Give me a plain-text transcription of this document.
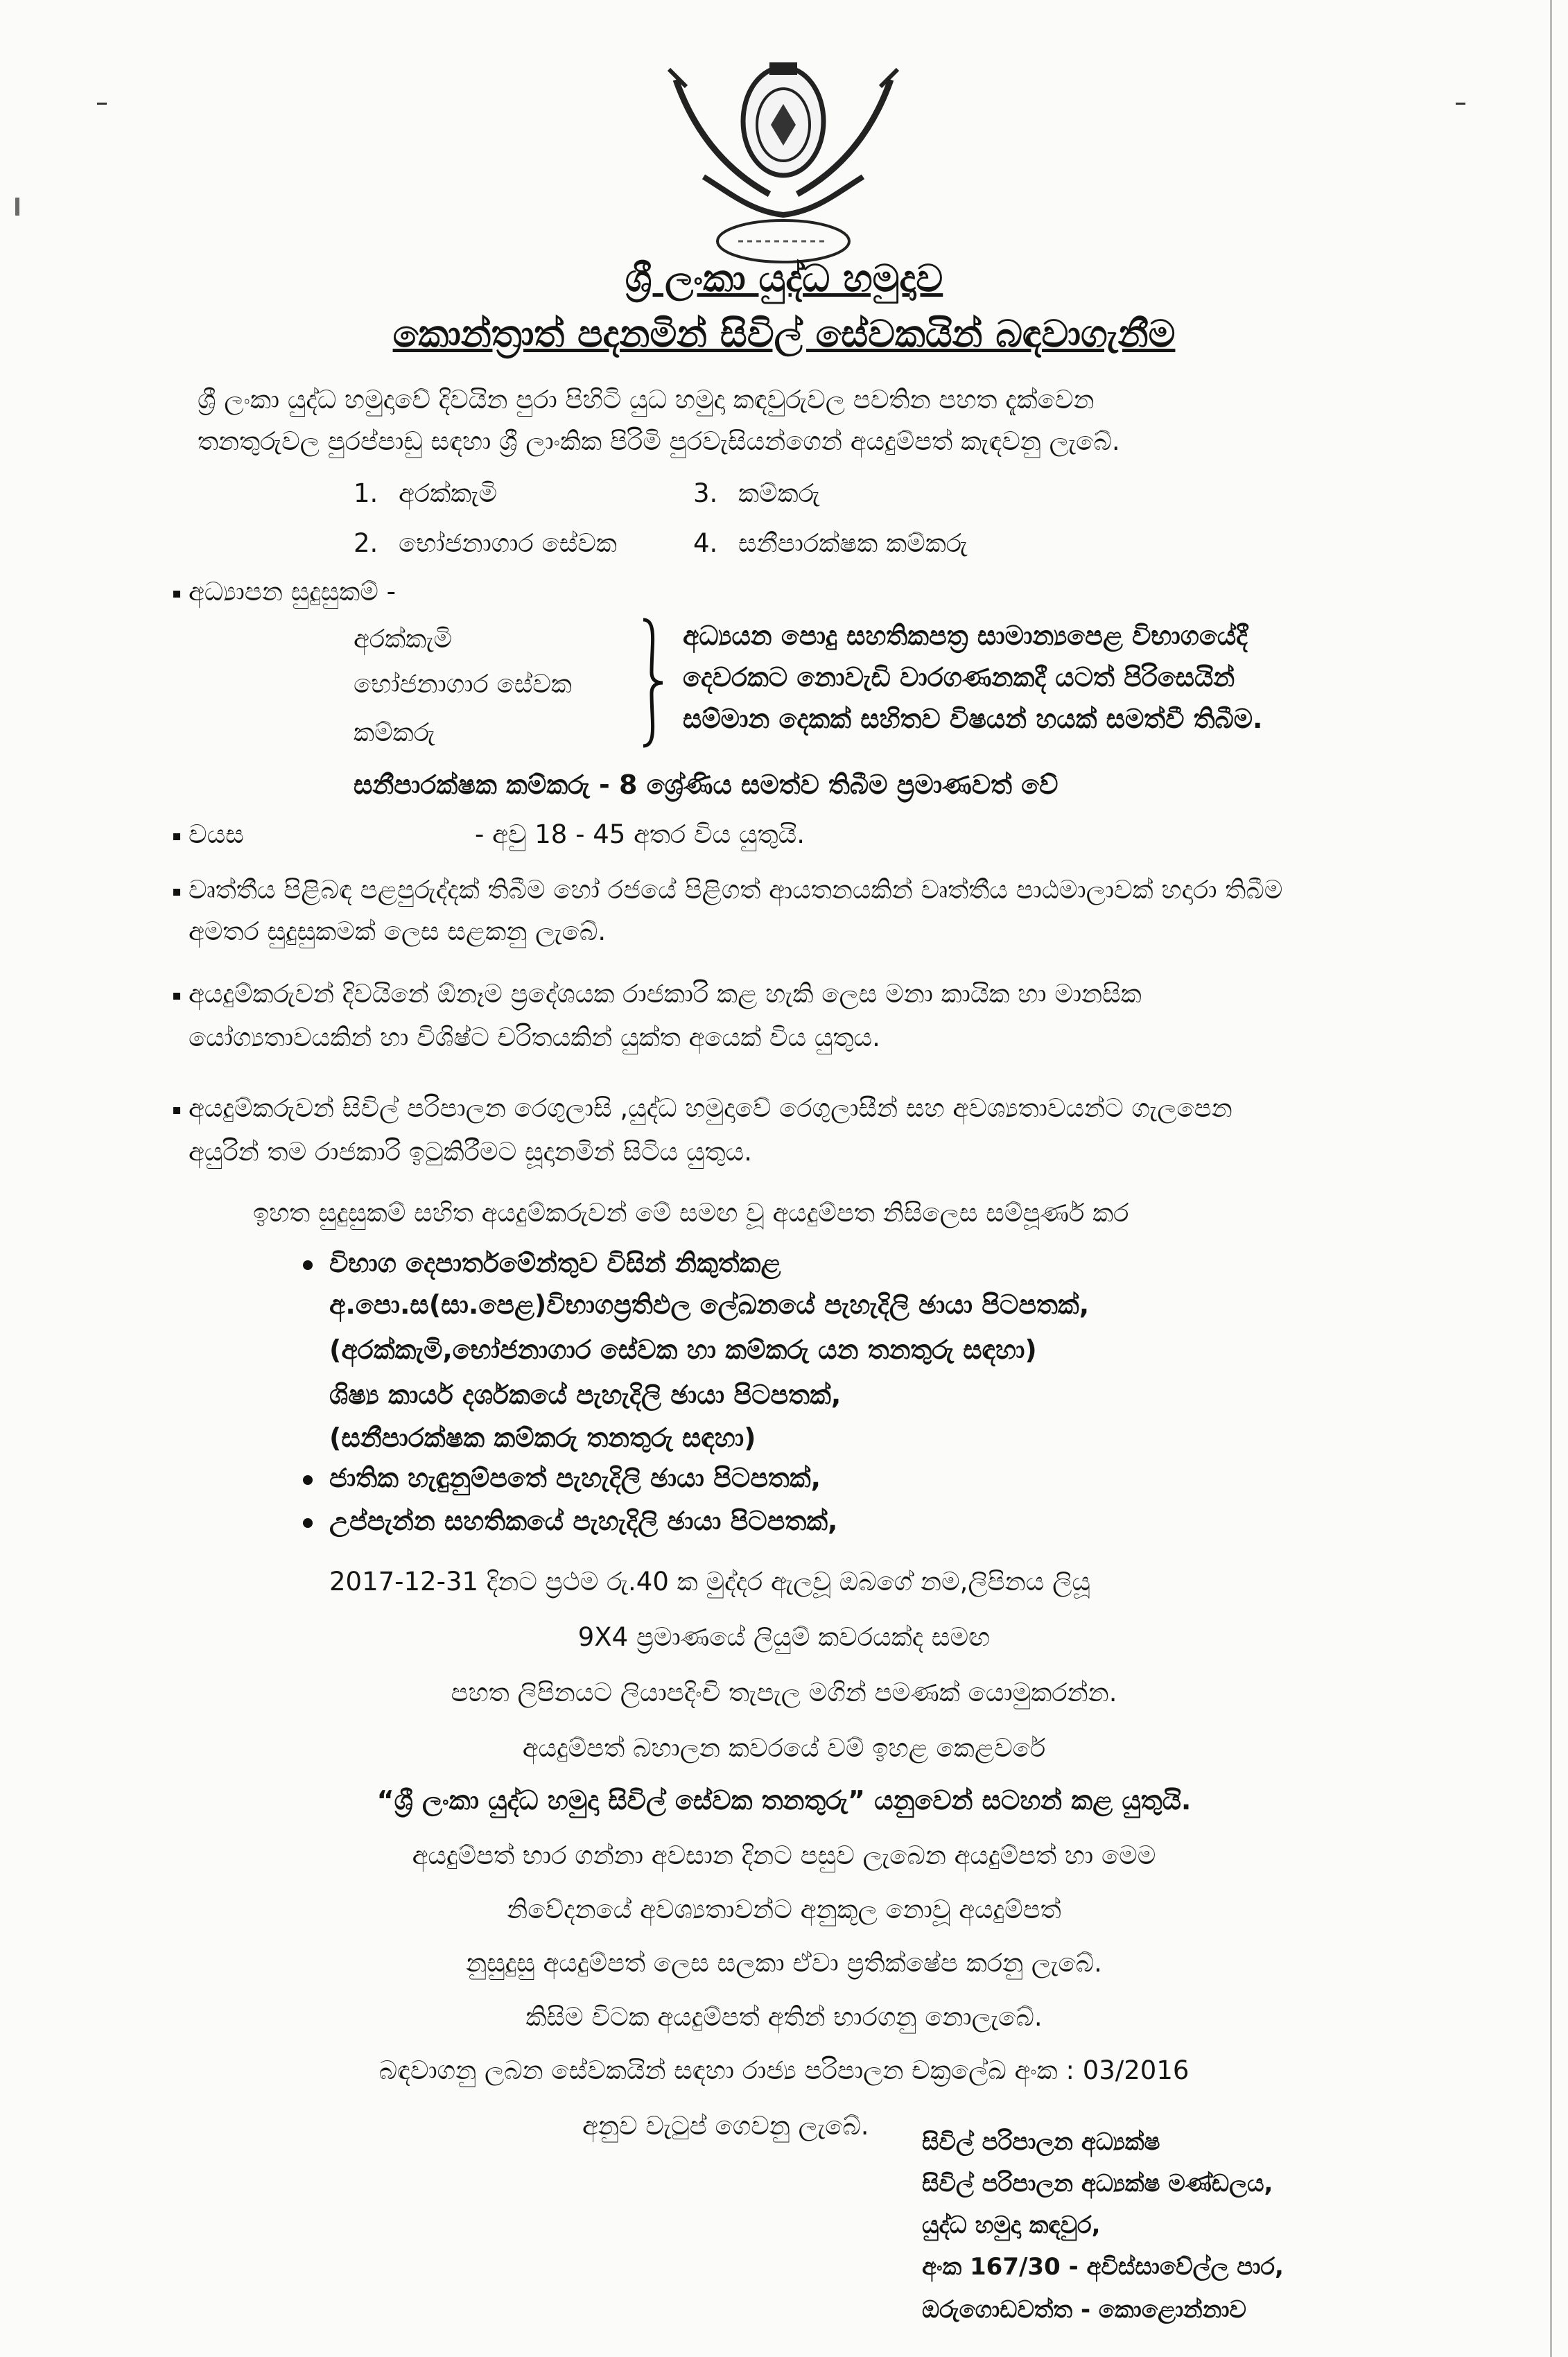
ශ්‍රී ලංකා යුද්ධ හමුදාව
කොන්ත්‍රාත් පදනමින් සිවිල් සේවකයින් බඳවාගැනීම
ශ්‍රී ලංකා යුද්ධ හමුදාවේ දිවයින පුරා පිහිටි යුධ හමුදා කඳවුරුවල පවතින පහත දැක්වෙන
තනතුරුවල පුරප්පාඩු සඳහා ශ්‍රී ලාංකික පිරිමි පුරවැසියන්ගෙන් අයදුම්පත් කැඳවනු ලැබේ.
1. අරක්කැමි	3. කම්කරු
2. භෝජනාගාර සේවක	4. සනීපාරක්ෂක කම්කරු
අධ්‍යාපන සුදුසුකම් -
අරක්කැමි
භෝජනාගාර සේවක
කම්කරු
අධ්‍යයන පොදු සහතිකපත්‍ර සාමාන්‍යපෙළ විභාගයේදී
දෙවරකට නොවැඩි වාරගණනකදී යටත් පිරිසෙයින්
සම්මාන දෙකක් සහිතව විෂයන් හයක් සමත්වී තිබීම.
සනීපාරක්ෂක කම්කරු - 8 ශ්‍රේණිය සමත්ව තිබීම ප්‍රමාණවත් වේ
වයස	- අවු 18 - 45 අතර විය යුතුයි.
වෘත්තීය පිළිබඳ පළපුරුද්දක් තිබීම හෝ රජයේ පිළිගත් ආයතනයකින් වෘත්තීය පාඨමාලාවක් හදාරා තිබීම
අමතර සුදුසුකමක් ලෙස සළකනු ලැබේ.
අයදුම්කරුවන් දිවයිනේ ඕනෑම ප්‍රදේශයක රාජකාරි කළ හැකි ලෙස මනා කායික හා මානසික
යෝග්‍යතාවයකින් හා විශිෂ්ට චරිතයකින් යුක්ත අයෙක් විය යුතුය.
අයදුම්කරුවන් සිවිල් පරිපාලන රෙගුලාසි ,යුද්ධ හමුදාවේ රෙගුලාසීන් සහ අවශ්‍යතාවයන්ට ගැලපෙන
අයුරින් තම රාජකාරි ඉටුකිරීමට සූදානමින් සිටිය යුතුය.
ඉහත සුදුසුකම් සහිත අයදුම්කරුවන් මේ සමඟ වූ අයදුම්පත නිසිලෙස සම්පූර්ණ කර
විභාග දෙපාර්තමේන්තුව විසින් නිකුත්කළ
අ.පො.ස(සා.පෙළ)විභාගප්‍රතිඵල ලේඛනයේ පැහැදිලි ඡායා පිටපතක්,
(අරක්කැමි,භෝජනාගාර සේවක හා කම්කරු යන තනතුරු සඳහා)
ශිෂ්‍ය කාර්ය දර්ශකයේ පැහැදිලි ඡායා පිටපතක්,
(සනීපාරක්ෂක කම්කරු තනතුරු සඳහා)
ජාතික හැඳුනුම්පතේ පැහැදිලි ඡායා පිටපතක්,
උප්පැන්න සහතිකයේ පැහැදිලි ඡායා පිටපතක්,
2017-12-31 දිනට ප්‍රථම රු.40 ක මුද්දර ඇලවූ ඔබගේ නම,ලිපිනය ලියූ
9X4 ප්‍රමාණයේ ලියුම් කවරයක්ද සමඟ
පහත ලිපිනයට ලියාපදිංචි තැපැල මගින් පමණක් යොමුකරන්න.
අයදුම්පත් බහාලන කවරයේ වම් ඉහළ කෙළවරේ
“ශ්‍රී ලංකා යුද්ධ හමුදා සිවිල් සේවක තනතුරු” යනුවෙන් සටහන් කළ යුතුයි.
අයදුම්පත් භාර ගන්නා අවසාන දිනට පසුව ලැබෙන අයදුම්පත් හා මෙම
නිවේදනයේ අවශ්‍යතාවන්ට අනුකූල නොවූ අයදුම්පත්
නුසුදුසු අයදුම්පත් ලෙස සලකා ඒවා ප්‍රතික්ෂේප කරනු ලැබේ.
කිසිම විටක අයදුම්පත් අතින් භාරගනු නොලැබේ.
බඳවාගනු ලබන සේවකයින් සඳහා රාජ්‍ය පරිපාලන චක්‍රලේඛ අංක : 03/2016
අනුව වැටුප් ගෙවනු ලැබේ.
සිවිල් පරිපාලන අධ්‍යක්ෂ
සිවිල් පරිපාලන අධ්‍යක්ෂ මණ්ඩලය,
යුද්ධ හමුදා කඳවුර,
අංක 167/30 - අවිස්සාවේල්ල පාර,
ඔරුගොඩවත්ත - කොළොන්නාව
